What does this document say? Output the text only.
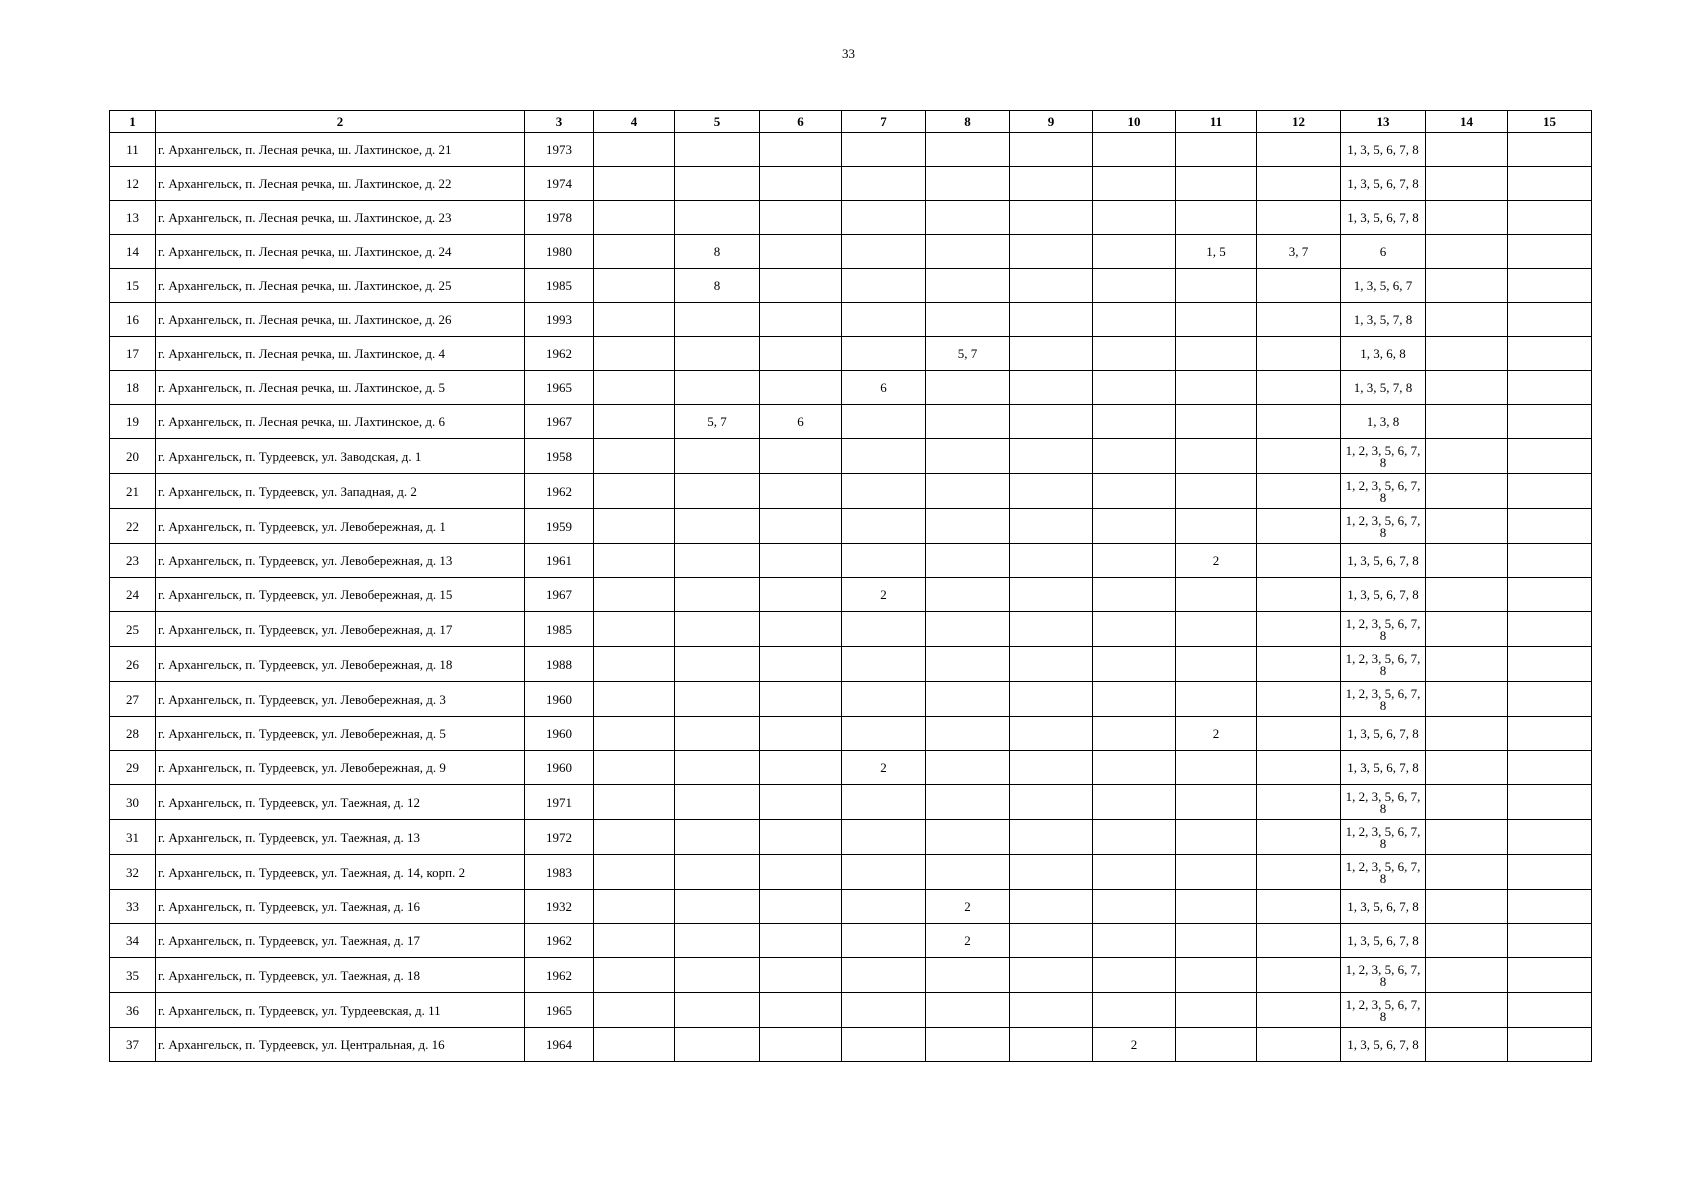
33
1	2	3	4	5	6	7	8	9	10	11	12	13	14	15
11	г. Архангельск, п. Лесная речка, ш. Лахтинское, д. 21	1973										1, 3, 5, 6, 7, 8		
12	г. Архангельск, п. Лесная речка, ш. Лахтинское, д. 22	1974										1, 3, 5, 6, 7, 8		
13	г. Архангельск, п. Лесная речка, ш. Лахтинское, д. 23	1978										1, 3, 5, 6, 7, 8		
14	г. Архангельск, п. Лесная речка, ш. Лахтинское, д. 24	1980		8						1, 5	3, 7	6		
15	г. Архангельск, п. Лесная речка, ш. Лахтинское, д. 25	1985		8								1, 3, 5, 6, 7		
16	г. Архангельск, п. Лесная речка, ш. Лахтинское, д. 26	1993										1, 3, 5, 7, 8		
17	г. Архангельск, п. Лесная речка, ш. Лахтинское, д. 4	1962					5, 7					1, 3, 6, 8		
18	г. Архангельск, п. Лесная речка, ш. Лахтинское, д. 5	1965				6						1, 3, 5, 7, 8		
19	г. Архангельск, п. Лесная речка, ш. Лахтинское, д. 6	1967		5, 7	6							1, 3, 8		
20	г. Архангельск, п. Турдеевск, ул. Заводская, д. 1	1958										1, 2, 3, 5, 6, 7, 8		
21	г. Архангельск, п. Турдеевск, ул. Западная, д. 2	1962										1, 2, 3, 5, 6, 7, 8		
22	г. Архангельск, п. Турдеевск, ул. Левобережная, д. 1	1959										1, 2, 3, 5, 6, 7, 8		
23	г. Архангельск, п. Турдеевск, ул. Левобережная, д. 13	1961								2		1, 3, 5, 6, 7, 8		
24	г. Архангельск, п. Турдеевск, ул. Левобережная, д. 15	1967				2						1, 3, 5, 6, 7, 8		
25	г. Архангельск, п. Турдеевск, ул. Левобережная, д. 17	1985										1, 2, 3, 5, 6, 7, 8		
26	г. Архангельск, п. Турдеевск, ул. Левобережная, д. 18	1988										1, 2, 3, 5, 6, 7, 8		
27	г. Архангельск, п. Турдеевск, ул. Левобережная, д. 3	1960										1, 2, 3, 5, 6, 7, 8		
28	г. Архангельск, п. Турдеевск, ул. Левобережная, д. 5	1960								2		1, 3, 5, 6, 7, 8		
29	г. Архангельск, п. Турдеевск, ул. Левобережная, д. 9	1960				2						1, 3, 5, 6, 7, 8		
30	г. Архангельск, п. Турдеевск, ул. Таежная, д. 12	1971										1, 2, 3, 5, 6, 7, 8		
31	г. Архангельск, п. Турдеевск, ул. Таежная, д. 13	1972										1, 2, 3, 5, 6, 7, 8		
32	г. Архангельск, п. Турдеевск, ул. Таежная, д. 14, корп. 2	1983										1, 2, 3, 5, 6, 7, 8		
33	г. Архангельск, п. Турдеевск, ул. Таежная, д. 16	1932					2					1, 3, 5, 6, 7, 8		
34	г. Архангельск, п. Турдеевск, ул. Таежная, д. 17	1962					2					1, 3, 5, 6, 7, 8		
35	г. Архангельск, п. Турдеевск, ул. Таежная, д. 18	1962										1, 2, 3, 5, 6, 7, 8		
36	г. Архангельск, п. Турдеевск, ул. Турдеевская, д. 11	1965										1, 2, 3, 5, 6, 7, 8		
37	г. Архангельск, п. Турдеевск, ул. Центральная, д. 16	1964							2			1, 3, 5, 6, 7, 8		
